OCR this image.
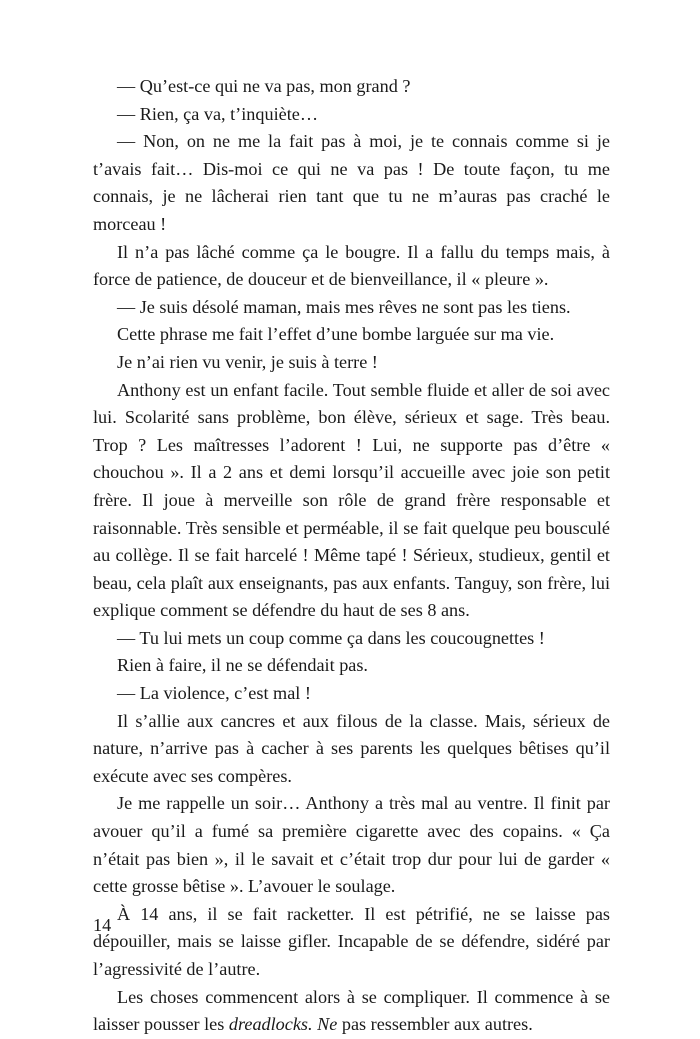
— Qu’est-ce qui ne va pas, mon grand ?

— Rien, ça va, t’inquiète…

— Non, on ne me la fait pas à moi, je te connais comme si je t’avais fait… Dis-moi ce qui ne va pas ! De toute façon, tu me connais, je ne lâcherai rien tant que tu ne m’auras pas craché le morceau !

Il n’a pas lâché comme ça le bougre. Il a fallu du temps mais, à force de patience, de douceur et de bienveillance, il « pleure ».

— Je suis désolé maman, mais mes rêves ne sont pas les tiens.

Cette phrase me fait l’effet d’une bombe larguée sur ma vie.

Je n’ai rien vu venir, je suis à terre !

Anthony est un enfant facile. Tout semble fluide et aller de soi avec lui. Scolarité sans problème, bon élève, sérieux et sage. Très beau. Trop ? Les maîtresses l’adorent ! Lui, ne supporte pas d’être « chouchou ». Il a 2 ans et demi lorsqu’il accueille avec joie son petit frère. Il joue à merveille son rôle de grand frère responsable et raisonnable. Très sensible et perméable, il se fait quelque peu bousculé au collège. Il se fait harcelé ! Même tapé ! Sérieux, studieux, gentil et beau, cela plaît aux enseignants, pas aux enfants. Tanguy, son frère, lui explique comment se défendre du haut de ses 8 ans.

— Tu lui mets un coup comme ça dans les coucougnettes !

Rien à faire, il ne se défendait pas.

— La violence, c’est mal !

Il s’allie aux cancres et aux filous de la classe. Mais, sérieux de nature, n’arrive pas à cacher à ses parents les quelques bêtises qu’il exécute avec ses compères.

Je me rappelle un soir… Anthony a très mal au ventre. Il finit par avouer qu’il a fumé sa première cigarette avec des copains. « Ça n’était pas bien », il le savait et c’était trop dur pour lui de garder « cette grosse bêtise ». L’avouer le soulage.

À 14 ans, il se fait racketter. Il est pétrifié, ne se laisse pas dépouiller, mais se laisse gifler. Incapable de se défendre, sidéré par l’agressivité de l’autre.

Les choses commencent alors à se compliquer. Il commence à se laisser pousser les dreadlocks. Ne pas ressembler aux autres.

14
